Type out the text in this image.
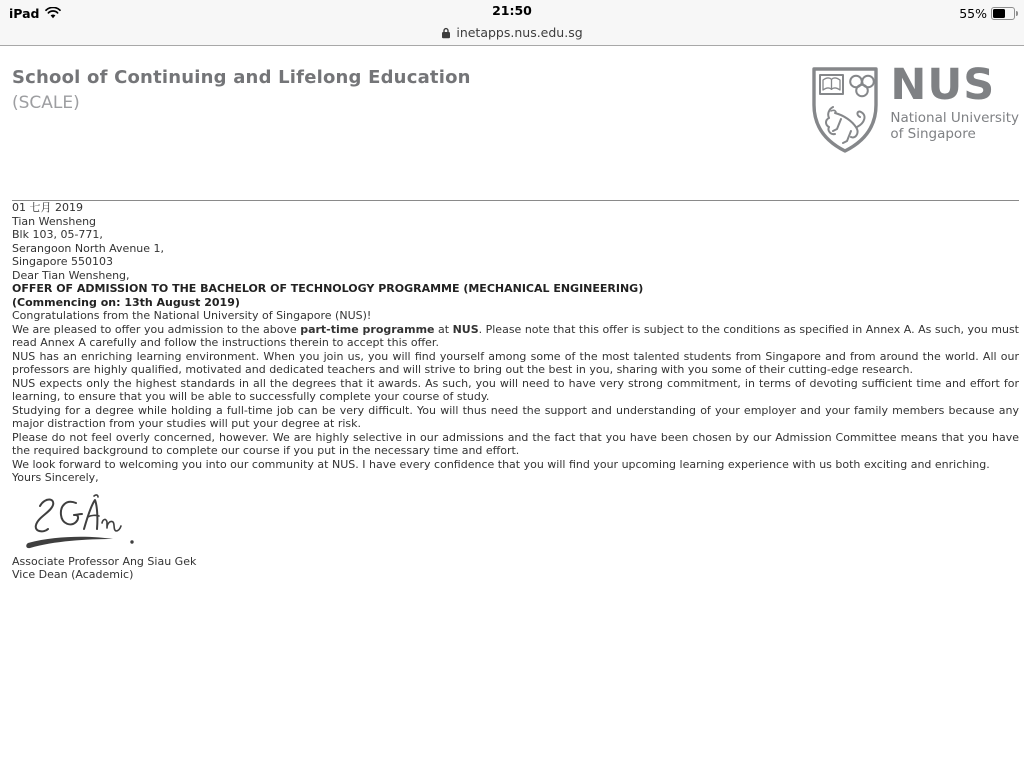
iPad	21:50	55%
inetapps.nus.edu.sg
School of Continuing and Lifelong Education
(SCALE)	NUS
National University
of Singapore

01 七月 2019

Tian Wensheng

Blk 103, 05-771,
Serangoon North Avenue 1,
Singapore 550103

Dear Tian Wensheng,

OFFER OF ADMISSION TO THE BACHELOR OF TECHNOLOGY PROGRAMME (MECHANICAL ENGINEERING)
(Commencing on: 13th August 2019)

Congratulations from the National University of Singapore (NUS)!

We are pleased to offer you admission to the above part-time programme at NUS. Please note that this offer is subject to the conditions as specified in Annex A. As such, you must read Annex A carefully and follow the instructions therein to accept this offer.

NUS has an enriching learning environment. When you join us, you will find yourself among some of the most talented students from Singapore and from around the world. All our professors are highly qualified, motivated and dedicated teachers and will strive to bring out the best in you, sharing with you some of their cutting-edge research.

NUS expects only the highest standards in all the degrees that it awards. As such, you will need to have very strong commitment, in terms of devoting sufficient time and effort for learning, to ensure that you will be able to successfully complete your course of study.

Studying for a degree while holding a full-time job can be very difficult. You will thus need the support and understanding of your employer and your family members because any major distraction from your studies will put your degree at risk.

Please do not feel overly concerned, however. We are highly selective in our admissions and the fact that you have been chosen by our Admission Committee means that you have the required background to complete our course if you put in the necessary time and effort.

We look forward to welcoming you into our community at NUS. I have every confidence that you will find your upcoming learning experience with us both exciting and enriching.

Yours Sincerely,

Associate Professor Ang Siau Gek
Vice Dean (Academic)
